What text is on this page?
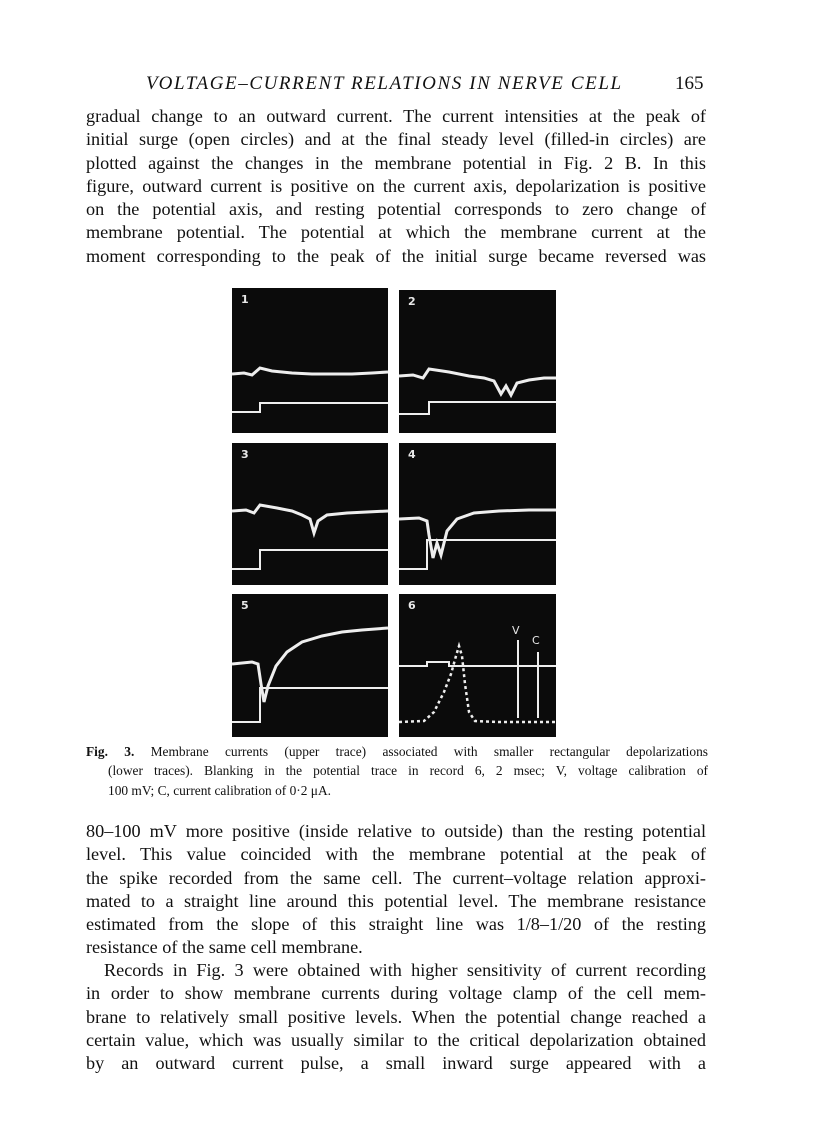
VOLTAGE–CURRENT RELATIONS IN NERVE CELL	165
gradual change to an outward current. The current intensities at the peak of
initial surge (open circles) and at the final steady level (filled-in circles) are
plotted against the changes in the membrane potential in Fig. 2 B. In this
figure, outward current is positive on the current axis, depolarization is positive
on the potential axis, and resting potential corresponds to zero change of
membrane potential. The potential at which the membrane current at the
moment corresponding to the peak of the initial surge became reversed was
1	2
3	4
5	6
V
C
Fig. 3. Membrane currents (upper trace) associated with smaller rectangular depolarizations
(lower traces). Blanking in the potential trace in record 6, 2 msec; V, voltage calibration of
100 mV; C, current calibration of 0·2 μA.
80–100 mV more positive (inside relative to outside) than the resting potential
level. This value coincided with the membrane potential at the peak of
the spike recorded from the same cell. The current–voltage relation approxi-
mated to a straight line around this potential level. The membrane resistance
estimated from the slope of this straight line was 1/8–1/20 of the resting
resistance of the same cell membrane.
Records in Fig. 3 were obtained with higher sensitivity of current recording
in order to show membrane currents during voltage clamp of the cell mem-
brane to relatively small positive levels. When the potential change reached a
certain value, which was usually similar to the critical depolarization obtained
by an outward current pulse, a small inward surge appeared with a
